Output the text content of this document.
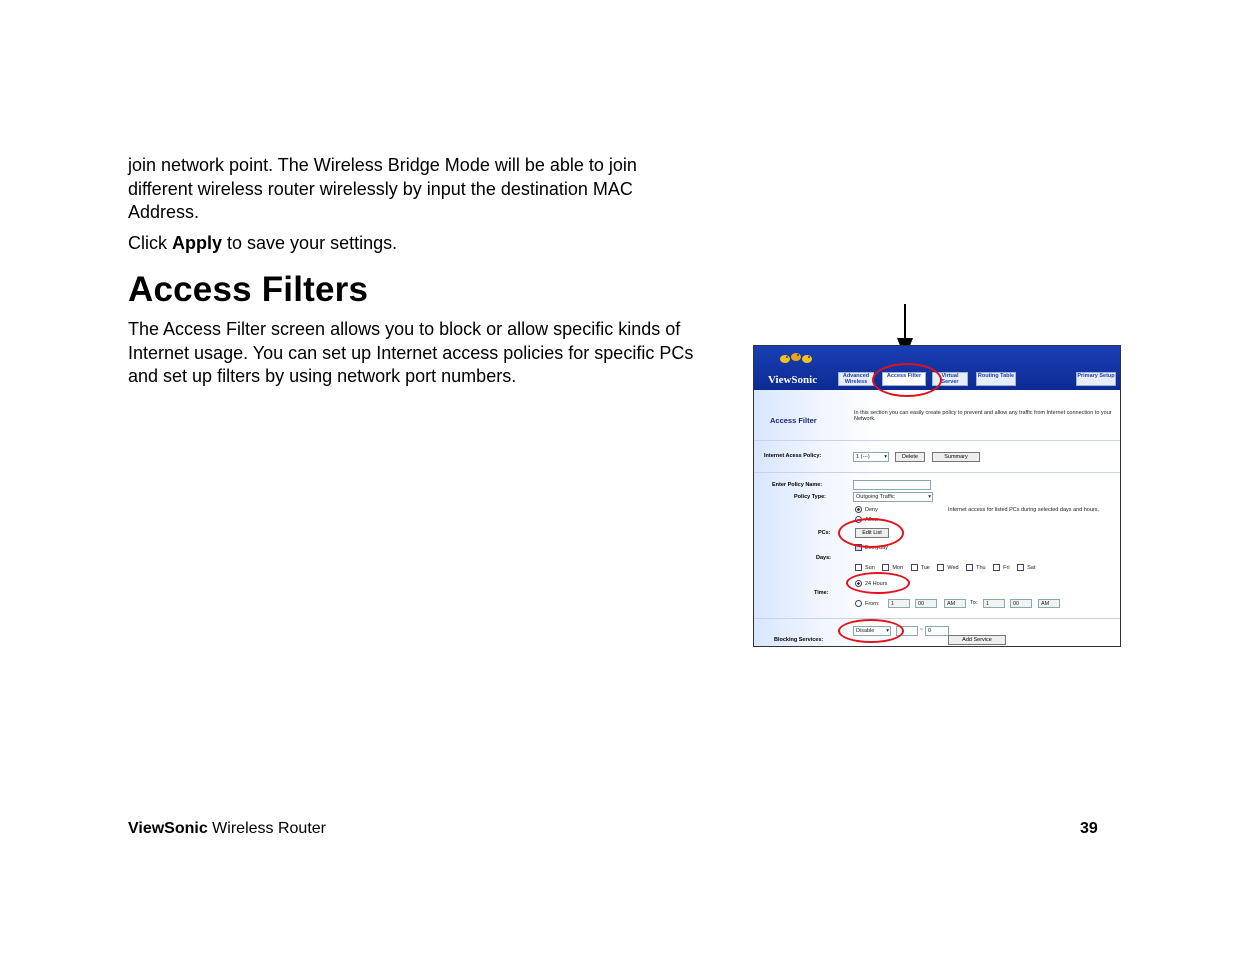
join network point. The Wireless Bridge Mode will be able to join different wireless router wirelessly by input the destination MAC Address.

Click Apply to save your settings.

Access Filters

The Access Filter screen allows you to block or allow specific kinds of Internet usage. You can set up Internet access policies for specific PCs and set up filters by using network port numbers.	ViewSonic	Advanced Wireless
Access Filter	Virtual Server
Routing Table	Primary Setup
Access Filter
In this section you can easily create policy to prevent and allow any traffic from Internet connection to your Network.
Internet Acess Policy:	1 (---)	▾	Delete	Summary
Enter Policy Name:
Policy Type:	Outgoing Traffic	▾
Deny
Allow
Internet access for listed PCs during selected days and hours.
PCs:	Edit List
Everyday
Days:
Sun	Mon	Tue	Wed	Thu	Fri	Sat
24 Hours
Time:
From:	1	00	AM	To:	1	00	AM
Disable ▾	~ 0
Blocking Services:	Add Service
ViewSonic Wireless Router	39
